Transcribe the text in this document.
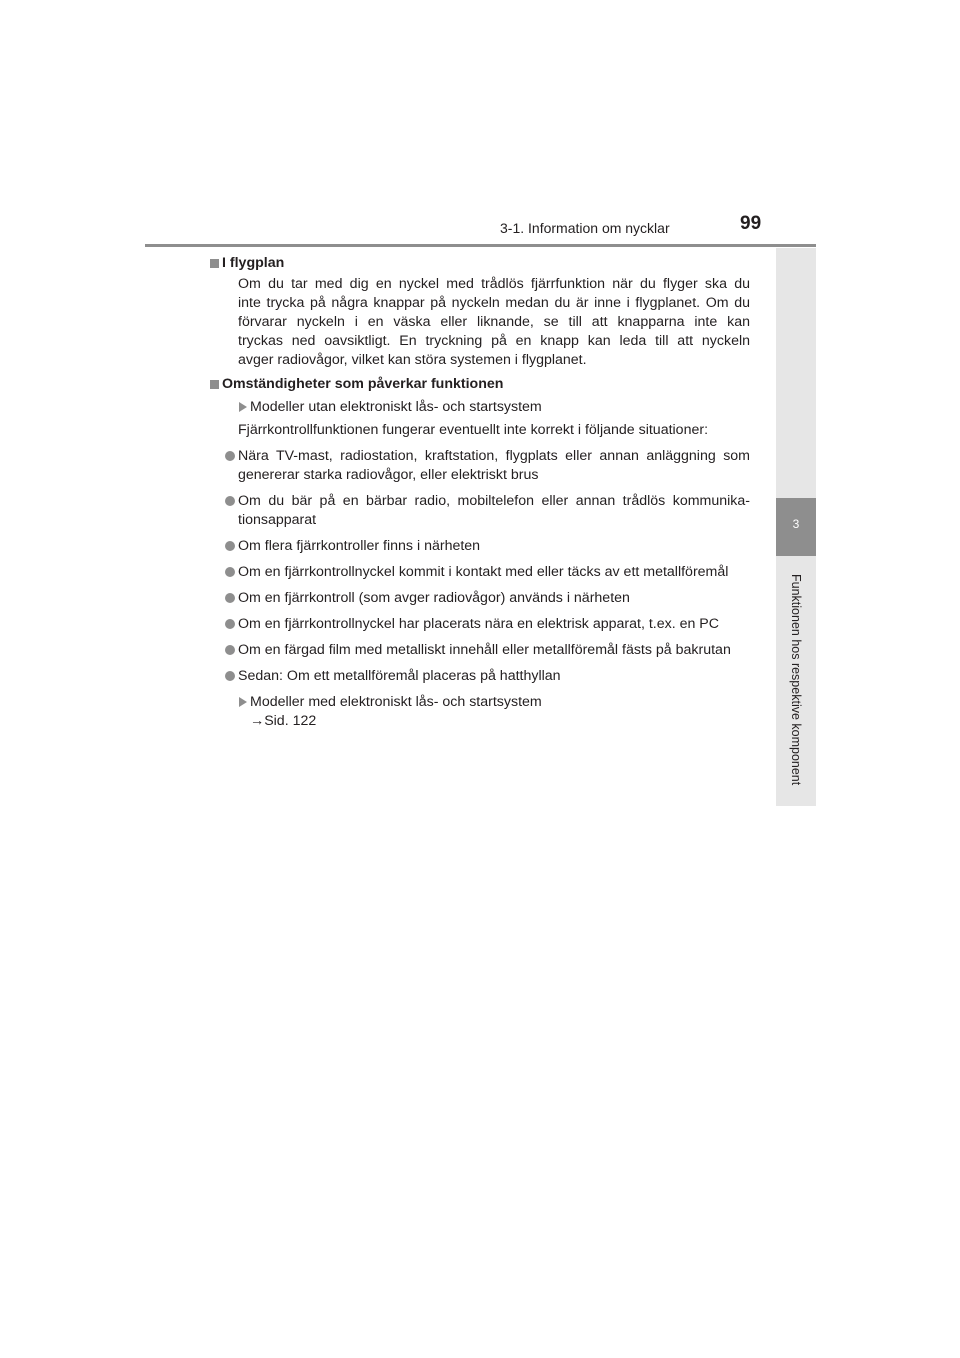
3-1. Information om nycklar	99
3
Funktionen hos respektive komponent
I flygplan
Om du tar med dig en nyckel med trådlös fjärrfunktion när du flyger ska du
inte trycka på några knappar på nyckeln medan du är inne i flygplanet. Om du
förvarar nyckeln i en väska eller liknande, se till att knapparna inte kan
tryckas ned oavsiktligt. En tryckning på en knapp kan leda till att nyckeln
avger radiovågor, vilket kan störa systemen i flygplanet.
Omständigheter som påverkar funktionen
Modeller utan elektroniskt lås- och startsystem
Fjärrkontrollfunktionen fungerar eventuellt inte korrekt i följande situationer:
Nära TV-mast, radiostation, kraftstation, flygplats eller annan anläggning som
genererar starka radiovågor, eller elektriskt brus
Om du bär på en bärbar radio, mobiltelefon eller annan trådlös kommunika-
tionsapparat
Om flera fjärrkontroller finns i närheten
Om en fjärrkontrollnyckel kommit i kontakt med eller täcks av ett metallföremål
Om en fjärrkontroll (som avger radiovågor) används i närheten
Om en fjärrkontrollnyckel har placerats nära en elektrisk apparat, t.ex. en PC
Om en färgad film med metalliskt innehåll eller metallföremål fästs på bakrutan
Sedan: Om ett metallföremål placeras på hatthyllan
Modeller med elektroniskt lås- och startsystem
→Sid. 122
